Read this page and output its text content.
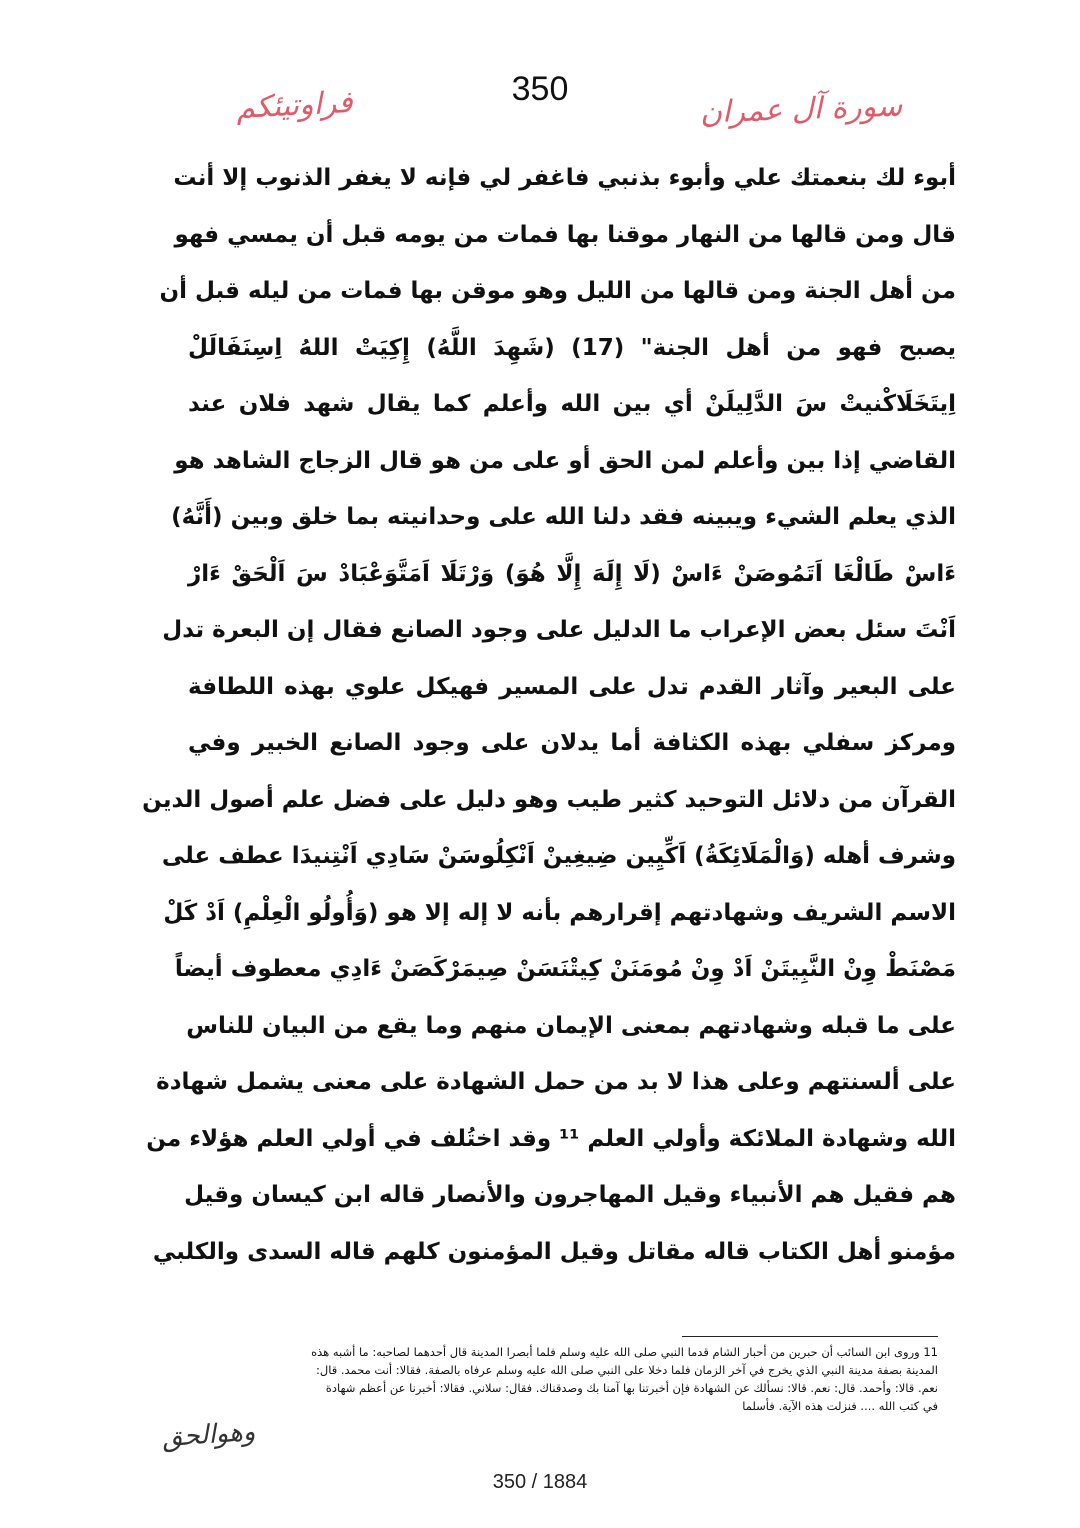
350
فراوتيئكم	سورة آل عمران
أبوء لك بنعمتك علي وأبوء بذنبي فاغفر لي فإنه لا يغفر الذنوب إلا أنت
قال ومن قالها من النهار موقنا بها فمات من يومه قبل أن يمسي فهو
من أهل الجنة ومن قالها من الليل وهو موقن بها فمات من ليله قبل أن
يصبح فهو من أهل الجنة" (17) (شَهِدَ اللَّهُ) إِكِيَتْ اللهُ اِسِنَفَالَلْ
اِيتَخَلَاكْنيتْ سَ الدَّلِيلَنْ أي بين الله وأعلم كما يقال شهد فلان عند
القاضي إذا بين وأعلم لمن الحق أو على من هو قال الزجاج الشاهد هو
الذي يعلم الشيء ويبينه فقد دلنا الله على وحدانيته بما خلق وبين (أَنَّهُ)
ءَاسْ طَالْغَا اَتَمُوصَنْ ءَاسْ (لَا إِلَهَ إِلَّا هُوَ) وَرْتَلَا اَمَتَّوَعْبَادْ سَ اَلْحَقْ ءَارْ
اَنْتَ سئل بعض الإعراب ما الدليل على وجود الصانع فقال إن البعرة تدل
على البعير وآثار القدم تدل على المسير فهيكل علوي بهذه اللطافة
ومركز سفلي بهذه الكثافة أما يدلان على وجود الصانع الخبير وفي
القرآن من دلائل التوحيد كثير طيب وهو دليل على فضل علم أصول الدين
وشرف أهله (وَالْمَلَائِكَةُ) اَكِّيِين ضِيغِينْ اَنْكِلُوسَنْ سَادِي اَنْتِنيدَا عطف على
الاسم الشريف وشهادتهم إقرارهم بأنه لا إله إلا هو (وَأُولُو الْعِلْمِ) اَدْ كَلْ
مَصْنَطْ وِنْ النَّبِيتَنْ اَدْ وِنْ مُومَنَنْ كِيتْنَسَنْ صِيمَرْكَصَنْ ءَادِي معطوف أيضاً
على ما قبله وشهادتهم بمعنى الإيمان منهم وما يقع من البيان للناس
على ألسنتهم وعلى هذا لا بد من حمل الشهادة على معنى يشمل شهادة
الله وشهادة الملائكة وأولي العلم ¹¹ وقد اختُلف في أولي العلم هؤلاء من
هم فقيل هم الأنبياء وقيل المهاجرون والأنصار قاله ابن كيسان وقيل
مؤمنو أهل الكتاب قاله مقاتل وقيل المؤمنون كلهم قاله السدى والكلبي
11 وروى ابن السائب أن حبرين من أحبار الشام قدما النبي صلى الله عليه وسلم فلما أبصرا المدينة قال أحدهما لصاحبه: ما أشبه هذه
المدينة بصفة مدينة النبي الذي يخرج في آخر الزمان فلما دخلا على النبي صلى الله عليه وسلم عرفاه بالصفة. فقالا: أنت محمد. قال:
نعم. قالا: وأحمد. قال: نعم. قالا: نسألك عن الشهادة فإن أخبرتنا بها آمنا بك وصدقناك. فقال: سلاني. فقالا: أخبرنا عن أعظم شهادة
في كتب الله .... فنزلت هذه الآية. فأسلما
وهوالحق
350 / 1884
